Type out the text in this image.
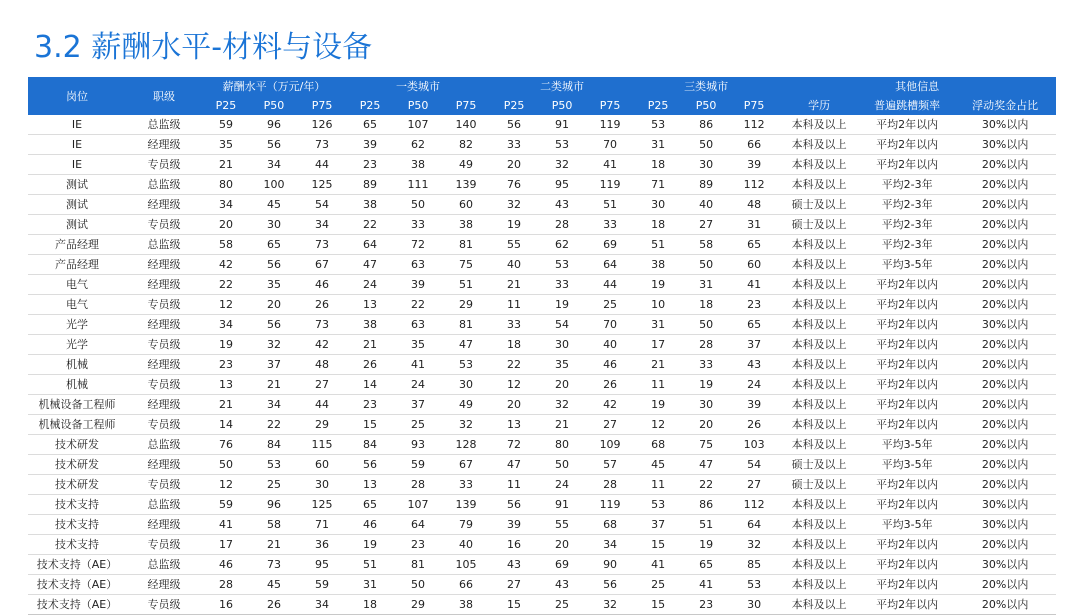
3.2 薪酬水平-材料与设备
岗位	职级	薪酬水平（万元/年）			一类城市			二类城市			三类城市			其他信息		
		P25	P50	P75	P25	P50	P75	P25	P50	P75	P25	P50	P75	学历	普遍跳槽频率	浮动奖金占比
IE	总监级	59	96	126	65	107	140	56	91	119	53	86	112	本科及以上	平均2年以内	30%以内
IE	经理级	35	56	73	39	62	82	33	53	70	31	50	66	本科及以上	平均2年以内	30%以内
IE	专员级	21	34	44	23	38	49	20	32	41	18	30	39	本科及以上	平均2年以内	20%以内
测试	总监级	80	100	125	89	111	139	76	95	119	71	89	112	本科及以上	平均2-3年	20%以内
测试	经理级	34	45	54	38	50	60	32	43	51	30	40	48	硕士及以上	平均2-3年	20%以内
测试	专员级	20	30	34	22	33	38	19	28	33	18	27	31	硕士及以上	平均2-3年	20%以内
产品经理	总监级	58	65	73	64	72	81	55	62	69	51	58	65	本科及以上	平均2-3年	20%以内
产品经理	经理级	42	56	67	47	63	75	40	53	64	38	50	60	本科及以上	平均3-5年	20%以内
电气	经理级	22	35	46	24	39	51	21	33	44	19	31	41	本科及以上	平均2年以内	20%以内
电气	专员级	12	20	26	13	22	29	11	19	25	10	18	23	本科及以上	平均2年以内	20%以内
光学	经理级	34	56	73	38	63	81	33	54	70	31	50	65	本科及以上	平均2年以内	30%以内
光学	专员级	19	32	42	21	35	47	18	30	40	17	28	37	本科及以上	平均2年以内	20%以内
机械	经理级	23	37	48	26	41	53	22	35	46	21	33	43	本科及以上	平均2年以内	20%以内
机械	专员级	13	21	27	14	24	30	12	20	26	11	19	24	本科及以上	平均2年以内	20%以内
机械设备工程师	经理级	21	34	44	23	37	49	20	32	42	19	30	39	本科及以上	平均2年以内	20%以内
机械设备工程师	专员级	14	22	29	15	25	32	13	21	27	12	20	26	本科及以上	平均2年以内	20%以内
技术研发	总监级	76	84	115	84	93	128	72	80	109	68	75	103	本科及以上	平均3-5年	20%以内
技术研发	经理级	50	53	60	56	59	67	47	50	57	45	47	54	硕士及以上	平均3-5年	20%以内
技术研发	专员级	12	25	30	13	28	33	11	24	28	11	22	27	硕士及以上	平均2年以内	20%以内
技术支持	总监级	59	96	125	65	107	139	56	91	119	53	86	112	本科及以上	平均2年以内	30%以内
技术支持	经理级	41	58	71	46	64	79	39	55	68	37	51	64	本科及以上	平均3-5年	30%以内
技术支持	专员级	17	21	36	19	23	40	16	20	34	15	19	32	本科及以上	平均2年以内	20%以内
技术支持（AE）	总监级	46	73	95	51	81	105	43	69	90	41	65	85	本科及以上	平均2年以内	30%以内
技术支持（AE）	经理级	28	45	59	31	50	66	27	43	56	25	41	53	本科及以上	平均2年以内	20%以内
技术支持（AE）	专员级	16	26	34	18	29	38	15	25	32	15	23	30	本科及以上	平均2年以内	20%以内
